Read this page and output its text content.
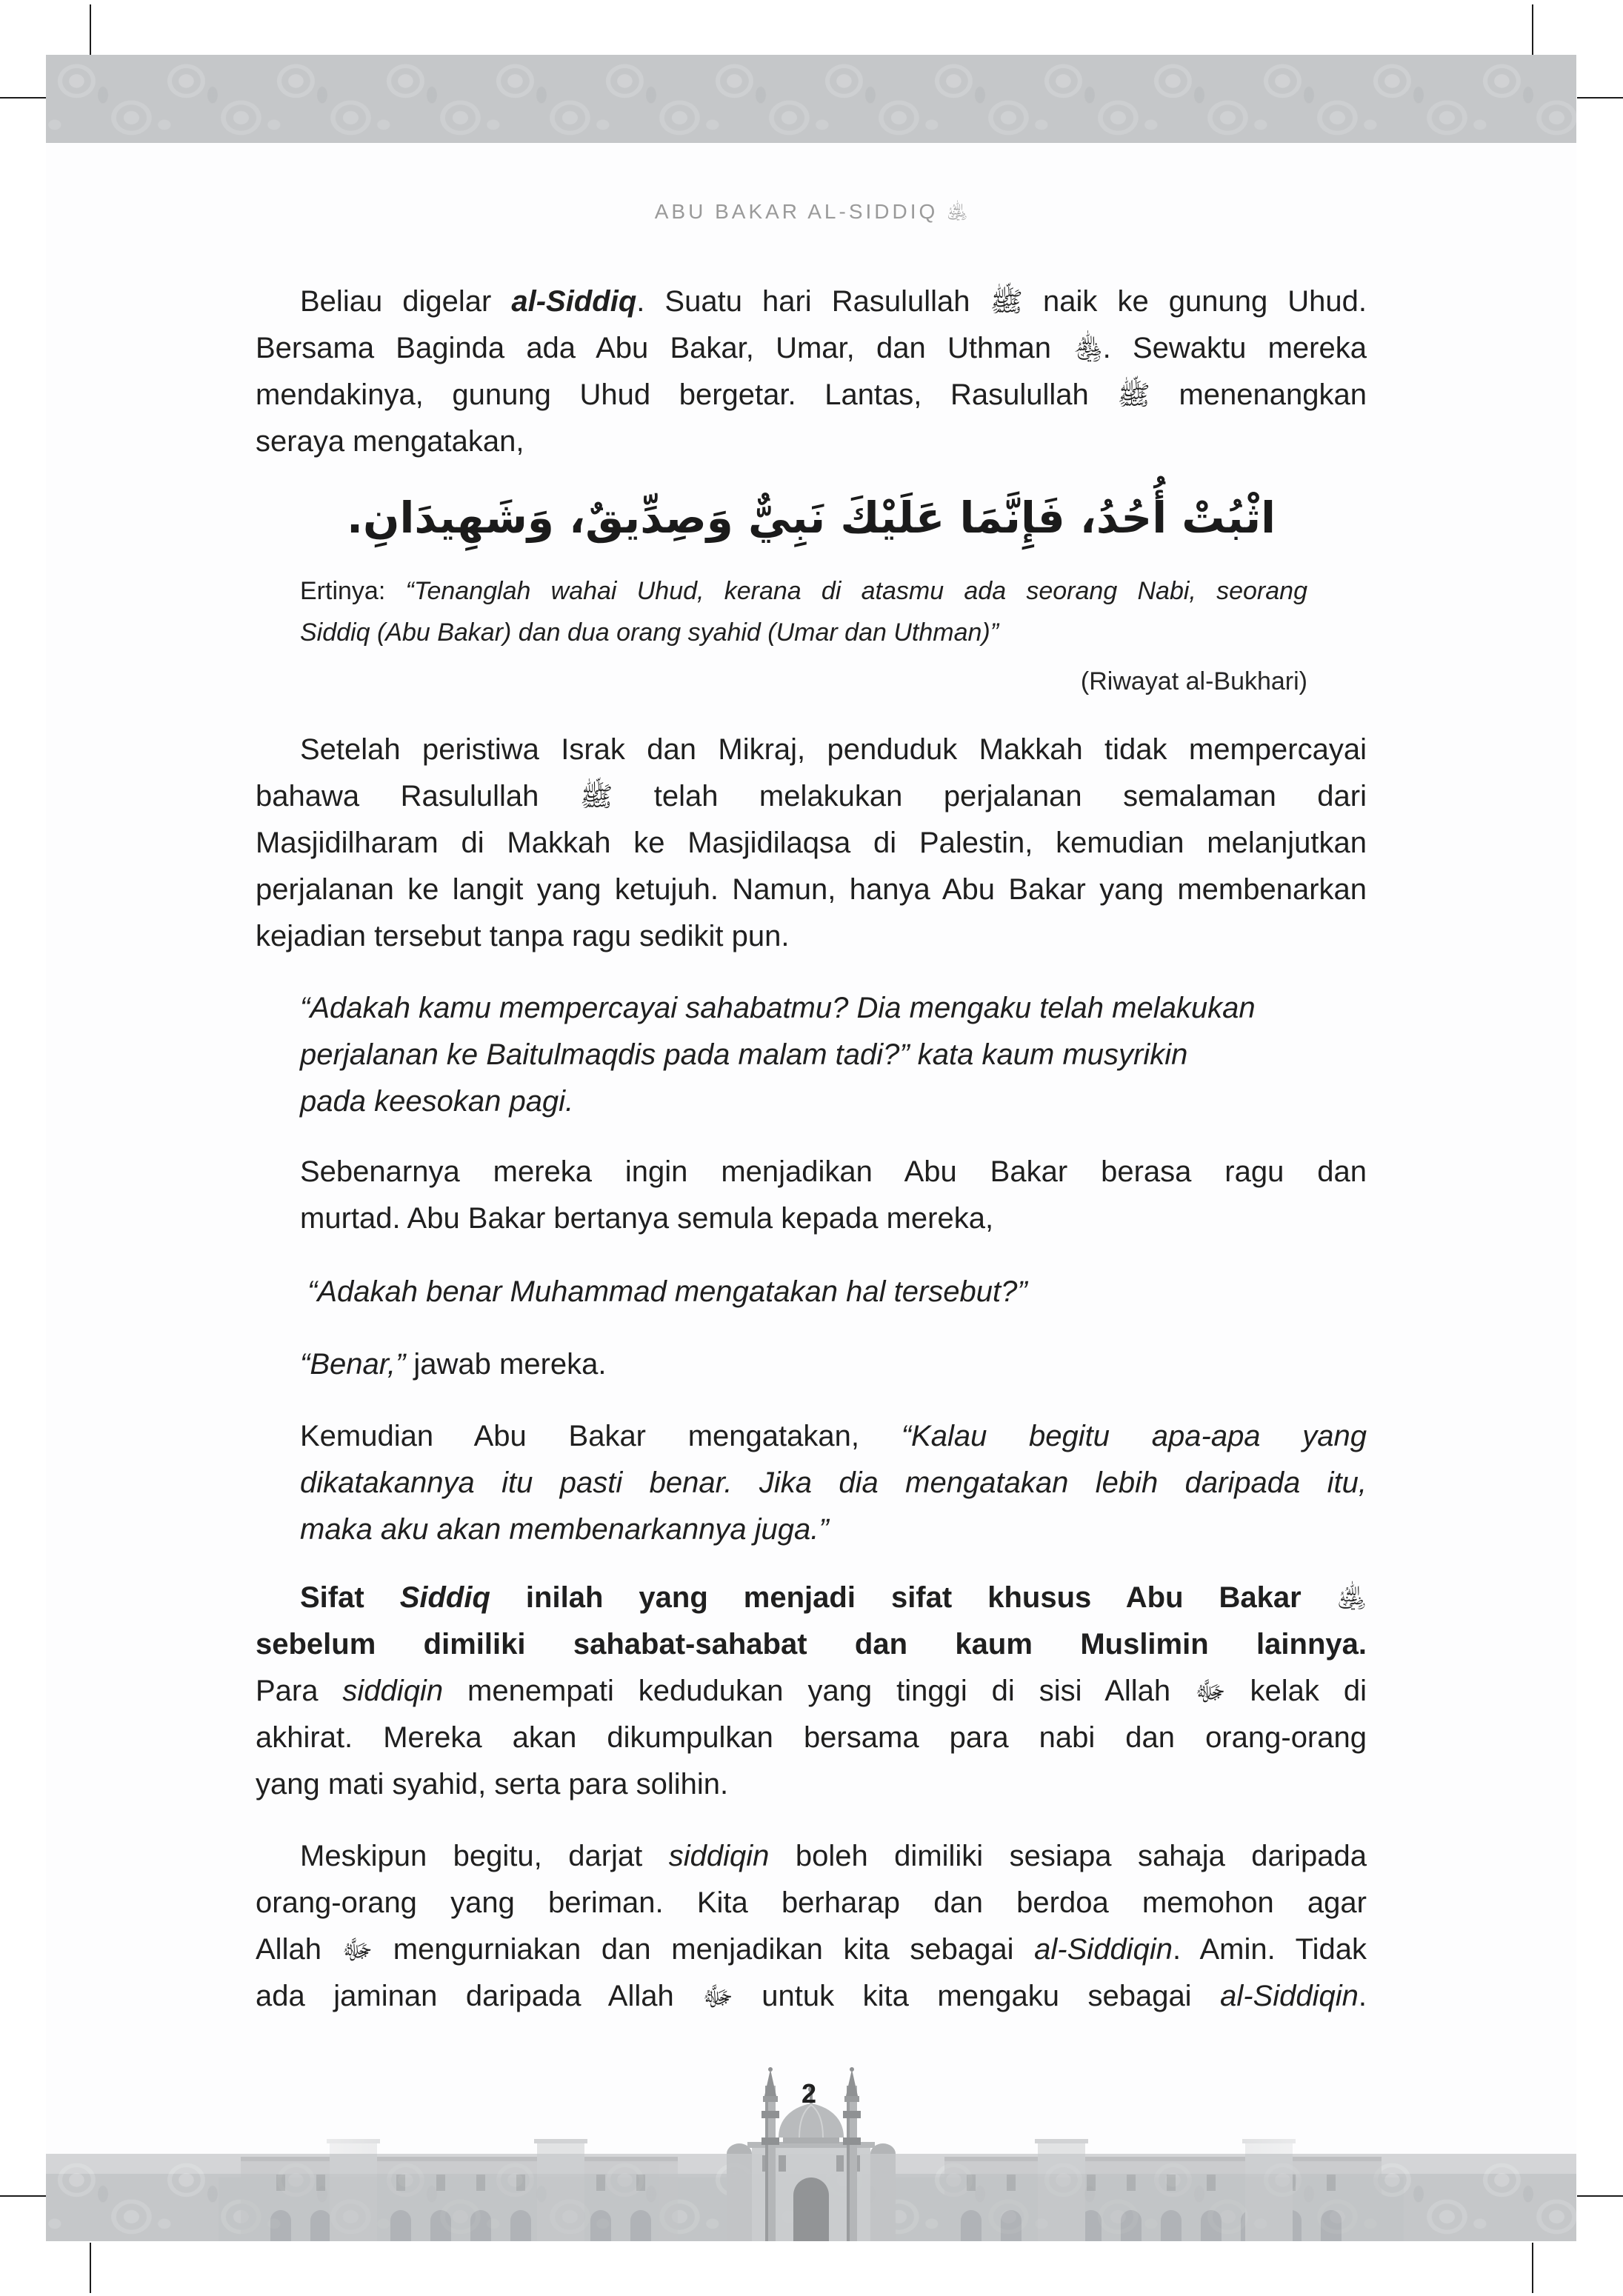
ABU BAKAR AL-SIDDIQ ﵁
Beliau digelar al-Siddiq. Suatu hari Rasulullah ﷺ naik ke gunung Uhud.
Bersama Baginda ada Abu Bakar, Umar, dan Uthman ﵃. Sewaktu mereka
mendakinya, gunung Uhud bergetar. Lantas, Rasulullah ﷺ menenangkan
seraya mengatakan,
اثْبُتْ أُحُدُ، فَإِنَّمَا عَلَيْكَ نَبِيٌّ وَصِدِّيقٌ، وَشَهِيدَانِ.
Ertinya: “Tenanglah wahai Uhud, kerana di atasmu ada seorang Nabi, seorang
Siddiq (Abu Bakar) dan dua orang syahid (Umar dan Uthman)”
(Riwayat al-Bukhari)
Setelah peristiwa Israk dan Mikraj, penduduk Makkah tidak mempercayai
bahawa Rasulullah ﷺ telah melakukan perjalanan semalaman dari
Masjidilharam di Makkah ke Masjidilaqsa di Palestin, kemudian melanjutkan
perjalanan ke langit yang ketujuh. Namun, hanya Abu Bakar yang membenarkan
kejadian tersebut tanpa ragu sedikit pun.
“Adakah kamu mempercayai sahabatmu? Dia mengaku telah melakukan
perjalanan ke Baitulmaqdis pada malam tadi?” kata kaum musyrikin
pada keesokan pagi.
Sebenarnya mereka ingin menjadikan Abu Bakar berasa ragu dan
murtad. Abu Bakar bertanya semula kepada mereka,
“Adakah benar Muhammad mengatakan hal tersebut?”
“Benar,” jawab mereka.
Kemudian Abu Bakar mengatakan, “Kalau begitu apa-apa yang
dikatakannya itu pasti benar. Jika dia mengatakan lebih daripada itu,
maka aku akan membenarkannya juga.”
Sifat Siddiq inilah yang menjadi sifat khusus Abu Bakar ﵁
sebelum dimiliki sahabat-sahabat dan kaum Muslimin lainnya.
Para siddiqin menempati kedudukan yang tinggi di sisi Allah ﷻ kelak di
akhirat. Mereka akan dikumpulkan bersama para nabi dan orang-orang
yang mati syahid, serta para solihin.
Meskipun begitu, darjat siddiqin boleh dimiliki sesiapa sahaja daripada
orang-orang yang beriman. Kita berharap dan berdoa memohon agar
Allah ﷻ mengurniakan dan menjadikan kita sebagai al-Siddiqin. Amin. Tidak
ada jaminan daripada Allah ﷻ untuk kita mengaku sebagai al-Siddiqin.
2
